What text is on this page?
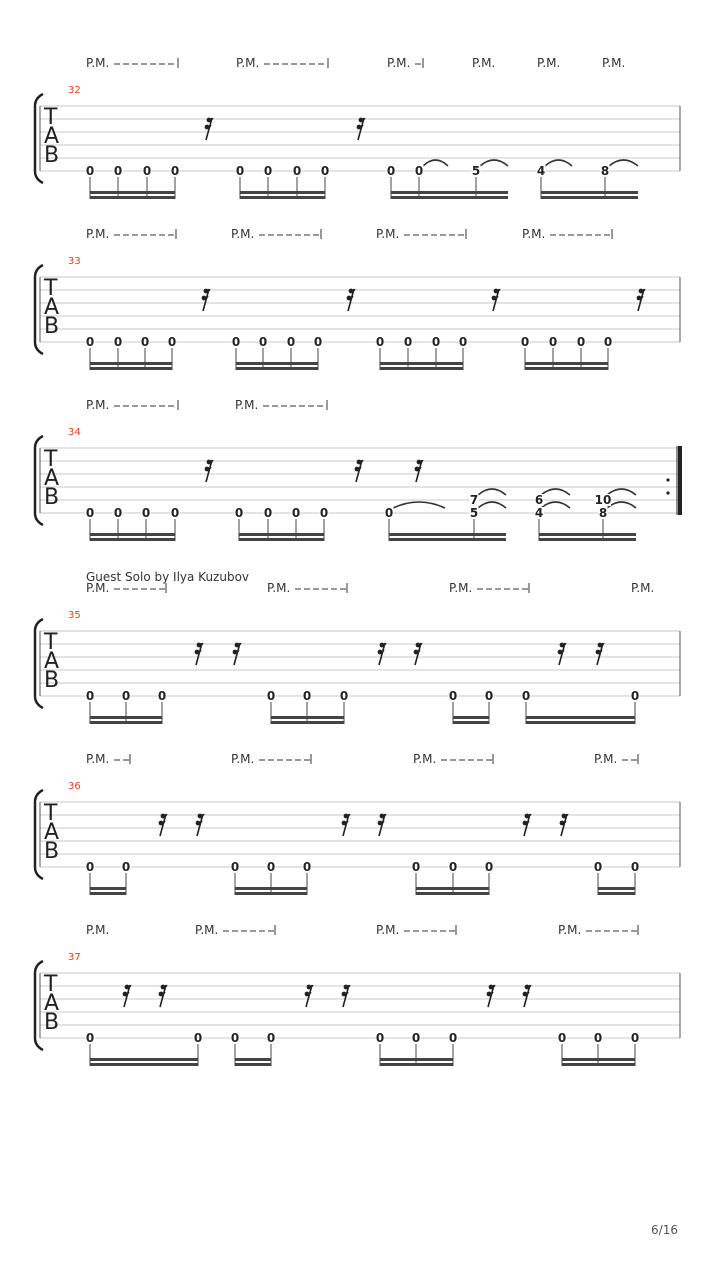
T
A
B
32
P.M.	P.M.	P.M.	P.M.	P.M.	P.M.
0 0 0 0	0 0 0 0	0 0	5	4	8
T
A
B
33
P.M.	P.M.	P.M.	P.M.
0 0 0 0	0 0 0 0	0 0 0 0	0 0 0 0
T
A
B
34
P.M.	P.M.
0 0 0 0	0 0 0 0	0
7
5
6
4
10
8
T
A
B
35
Guest Solo by Ilya Kuzubov
P.M.	P.M.	P.M.	P.M.
0 0 0	0 0 0	0 0 0	0
T
A
B
36
P.M.	P.M.	P.M.	P.M.
0 0	0 0 0	0 0 0	0 0
T
A
B
37
P.M.	P.M.	P.M.	P.M.
0	0 0 0	0 0 0	0 0 0
6/16
